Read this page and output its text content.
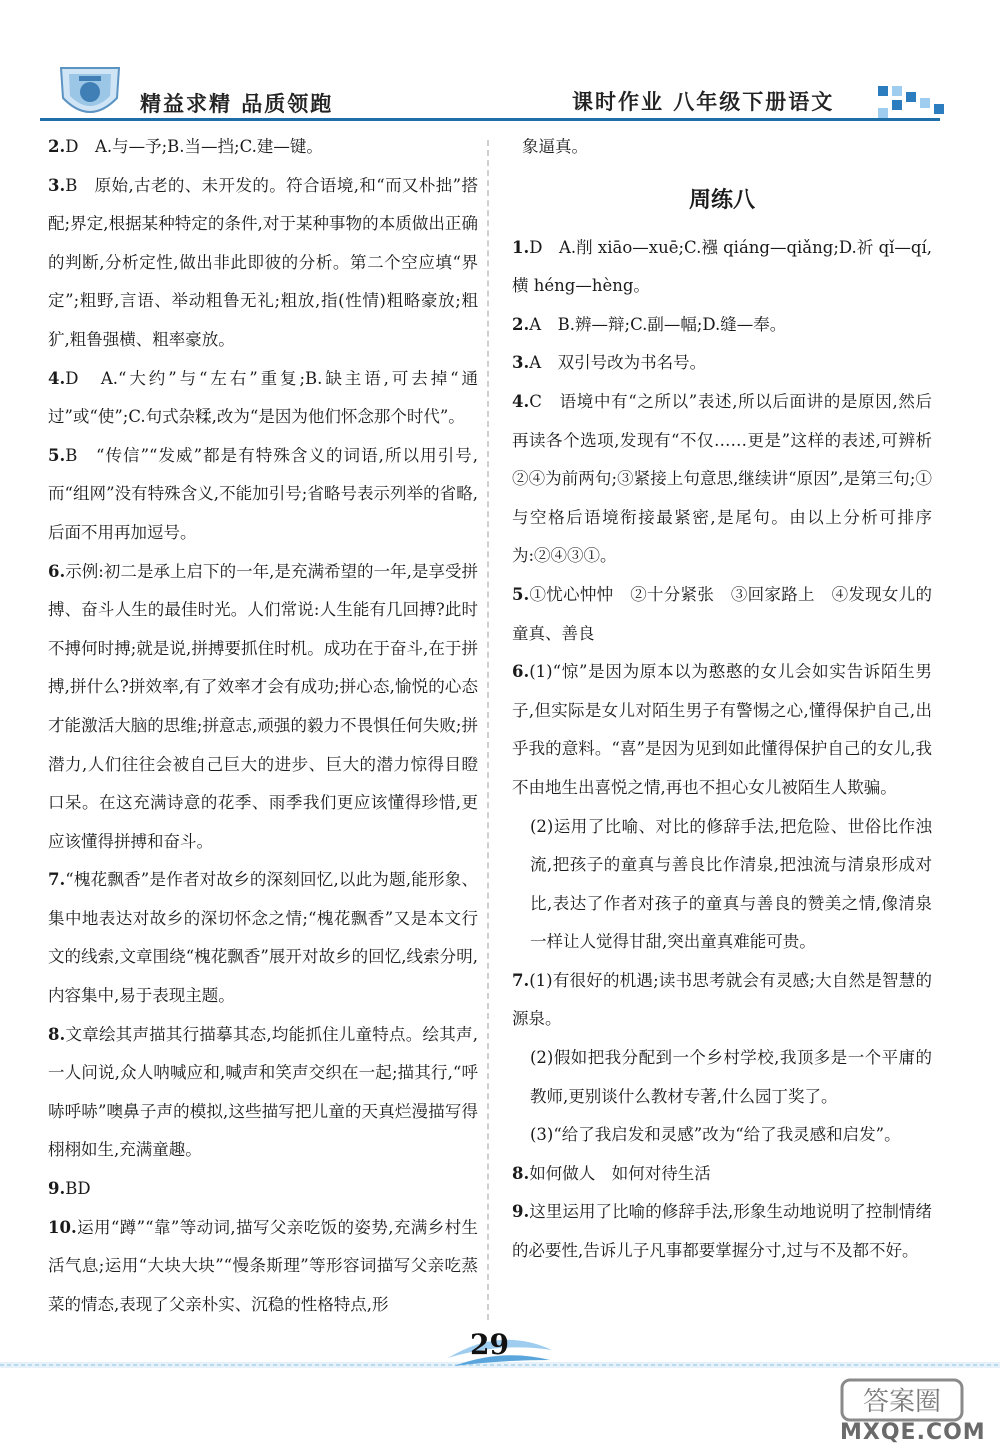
精益求精 品质领跑	课时作业 八年级下册语文

2.D　A.与—予;B.当—挡;C.建—键。

3.B　原始,古老的、未开发的。符合语境,和“而又朴拙”搭配;界定,根据某种特定的条件,对于某种事物的本质做出正确的判断,分析定性,做出非此即彼的分析。第二个空应填“界定”;粗野,言语、举动粗鲁无礼;粗放,指(性情)粗略豪放;粗犷,粗鲁强横、粗率豪放。

4.D　A.“大约”与“左右”重复;B.缺主语,可去掉“通过”或“使”;C.句式杂糅,改为“是因为他们怀念那个时代”。

5.B　“传信”“发威”都是有特殊含义的词语,所以用引号,而“组网”没有特殊含义,不能加引号;省略号表示列举的省略,后面不用再加逗号。

6.示例:初二是承上启下的一年,是充满希望的一年,是享受拼搏、奋斗人生的最佳时光。人们常说:人生能有几回搏?此时不搏何时搏;就是说,拼搏要抓住时机。成功在于奋斗,在于拼搏,拼什么?拼效率,有了效率才会有成功;拼心态,愉悦的心态才能激活大脑的思维;拼意志,顽强的毅力不畏惧任何失败;拼潜力,人们往往会被自己巨大的进步、巨大的潜力惊得目瞪口呆。在这充满诗意的花季、雨季我们更应该懂得珍惜,更应该懂得拼搏和奋斗。

7.“槐花飘香”是作者对故乡的深刻回忆,以此为题,能形象、集中地表达对故乡的深切怀念之情;“槐花飘香”又是本文行文的线索,文章围绕“槐花飘香”展开对故乡的回忆,线索分明,内容集中,易于表现主题。

8.文章绘其声描其行描摹其态,均能抓住儿童特点。绘其声,一人问说,众人呐喊应和,喊声和笑声交织在一起;描其行,“呼哧呼哧”噢鼻子声的模拟,这些描写把儿童的天真烂漫描写得栩栩如生,充满童趣。

9.BD

10.运用“蹲”“靠”等动词,描写父亲吃饭的姿势,充满乡村生活气息;运用“大块大块”“慢条斯理”等形容词描写父亲吃蒸菜的情态,表现了父亲朴实、沉稳的性格特点,形

象逼真。

周练八

1.D　A.削 xiāo—xuē;C.襁 qiáng—qiǎng;D.祈 qǐ—qí,横 héng—hèng。

2.A　B.辨—辩;C.副—幅;D.缝—奉。

3.A　双引号改为书名号。

4.C　语境中有“之所以”表述,所以后面讲的是原因,然后再读各个选项,发现有“不仅……更是”这样的表述,可辨析②④为前两句;③紧接上句意思,继续讲“原因”,是第三句;①与空格后语境衔接最紧密,是尾句。由以上分析可排序为:②④③①。

5.①忧心忡忡　②十分紧张　③回家路上　④发现女儿的童真、善良

6.(1)“惊”是因为原本以为憨憨的女儿会如实告诉陌生男子,但实际是女儿对陌生男子有警惕之心,懂得保护自己,出乎我的意料。“喜”是因为见到如此懂得保护自己的女儿,我不由地生出喜悦之情,再也不担心女儿被陌生人欺骗。

(2)运用了比喻、对比的修辞手法,把危险、世俗比作浊流,把孩子的童真与善良比作清泉,把浊流与清泉形成对比,表达了作者对孩子的童真与善良的赞美之情,像清泉一样让人觉得甘甜,突出童真难能可贵。

7.(1)有很好的机遇;读书思考就会有灵感;大自然是智慧的源泉。

(2)假如把我分配到一个乡村学校,我顶多是一个平庸的教师,更别谈什么教材专著,什么园丁奖了。

(3)“给了我启发和灵感”改为“给了我灵感和启发”。

8.如何做人　如何对待生活

9.这里运用了比喻的修辞手法,形象生动地说明了控制情绪的必要性,告诉儿子凡事都要掌握分寸,过与不及都不好。

29
答案圈
MXQE.COM
